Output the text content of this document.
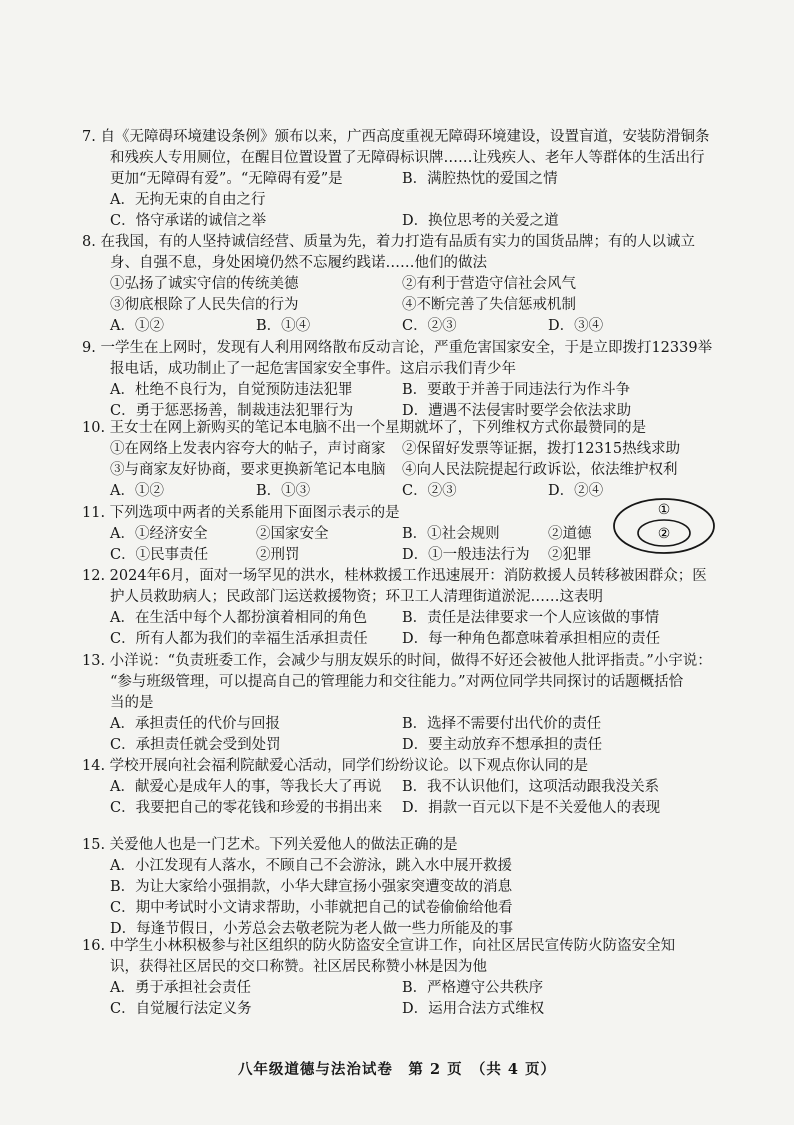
7. 自《无障碍环境建设条例》颁布以来，广西高度重视无障碍环境建设，设置盲道，安装防滑铜条
和残疾人专用厕位，在醒目位置设置了无障碍标识牌……让残疾人、老年人等群体的生活出行
更加“无障碍有爱”。“无障碍有爱”是	B．满腔热忱的爱国之情
A．无拘无束的自由之行
C．恪守承诺的诚信之举	D．换位思考的关爱之道
8. 在我国，有的人坚持诚信经营、质量为先，着力打造有品质有实力的国货品牌；有的人以诚立
身、自强不息，身处困境仍然不忘履约践诺……他们的做法
①弘扬了诚实守信的传统美德	②有利于营造守信社会风气
③彻底根除了人民失信的行为	④不断完善了失信惩戒机制
A．①②	B．①④	C．②③	D．③④
9. 一学生在上网时，发现有人利用网络散布反动言论，严重危害国家安全，于是立即拨打12339举
报电话，成功制止了一起危害国家安全事件。这启示我们青少年
A．杜绝不良行为，自觉预防违法犯罪	B．要敢于并善于同违法行为作斗争
C．勇于惩恶扬善，制裁违法犯罪行为	D．遭遇不法侵害时要学会依法求助
10. 王女士在网上新购买的笔记本电脑不出一个星期就坏了，下列维权方式你最赞同的是
①在网络上发表内容夸大的帖子，声讨商家	②保留好发票等证据，拨打12315热线求助
③与商家友好协商，要求更换新笔记本电脑	④向人民法院提起行政诉讼，依法维护权利
A．①②	B．①③	C．②③	D．②④
11. 下列选项中两者的关系能用下面图示表示的是
A．①经济安全	②国家安全	B．①社会规则	②道德
C．①民事责任	②刑罚	D．①一般违法行为	②犯罪
①
②
12. 2024年6月，面对一场罕见的洪水，桂林救援工作迅速展开：消防救援人员转移被困群众；医
护人员救助病人；民政部门运送救援物资；环卫工人清理街道淤泥……这表明
A．在生活中每个人都扮演着相同的角色	B．责任是法律要求一个人应该做的事情
C．所有人都为我们的幸福生活承担责任	D．每一种角色都意味着承担相应的责任
13. 小洋说：“负责班委工作，会减少与朋友娱乐的时间，做得不好还会被他人批评指责。”小宇说：
“参与班级管理，可以提高自己的管理能力和交往能力。”对两位同学共同探讨的话题概括恰
当的是
A．承担责任的代价与回报	B．选择不需要付出代价的责任
C．承担责任就会受到处罚	D．要主动放弃不想承担的责任
14. 学校开展向社会福利院献爱心活动，同学们纷纷议论。以下观点你认同的是
A．献爱心是成年人的事，等我长大了再说	B．我不认识他们，这项活动跟我没关系
C．我要把自己的零花钱和珍爱的书捐出来	D．捐款一百元以下是不关爱他人的表现
15. 关爱他人也是一门艺术。下列关爱他人的做法正确的是
A．小江发现有人落水，不顾自己不会游泳，跳入水中展开救援
B．为让大家给小强捐款，小华大肆宣扬小强家突遭变故的消息
C．期中考试时小文请求帮助，小菲就把自己的试卷偷偷给他看
D．每逢节假日，小芳总会去敬老院为老人做一些力所能及的事
16. 中学生小林积极参与社区组织的防火防盗安全宣讲工作，向社区居民宣传防火防盗安全知
识，获得社区居民的交口称赞。社区居民称赞小林是因为他
A．勇于承担社会责任	B．严格遵守公共秩序
C．自觉履行法定义务	D．运用合法方式维权
八年级道德与法治试卷　第 2 页　（共 4 页）
